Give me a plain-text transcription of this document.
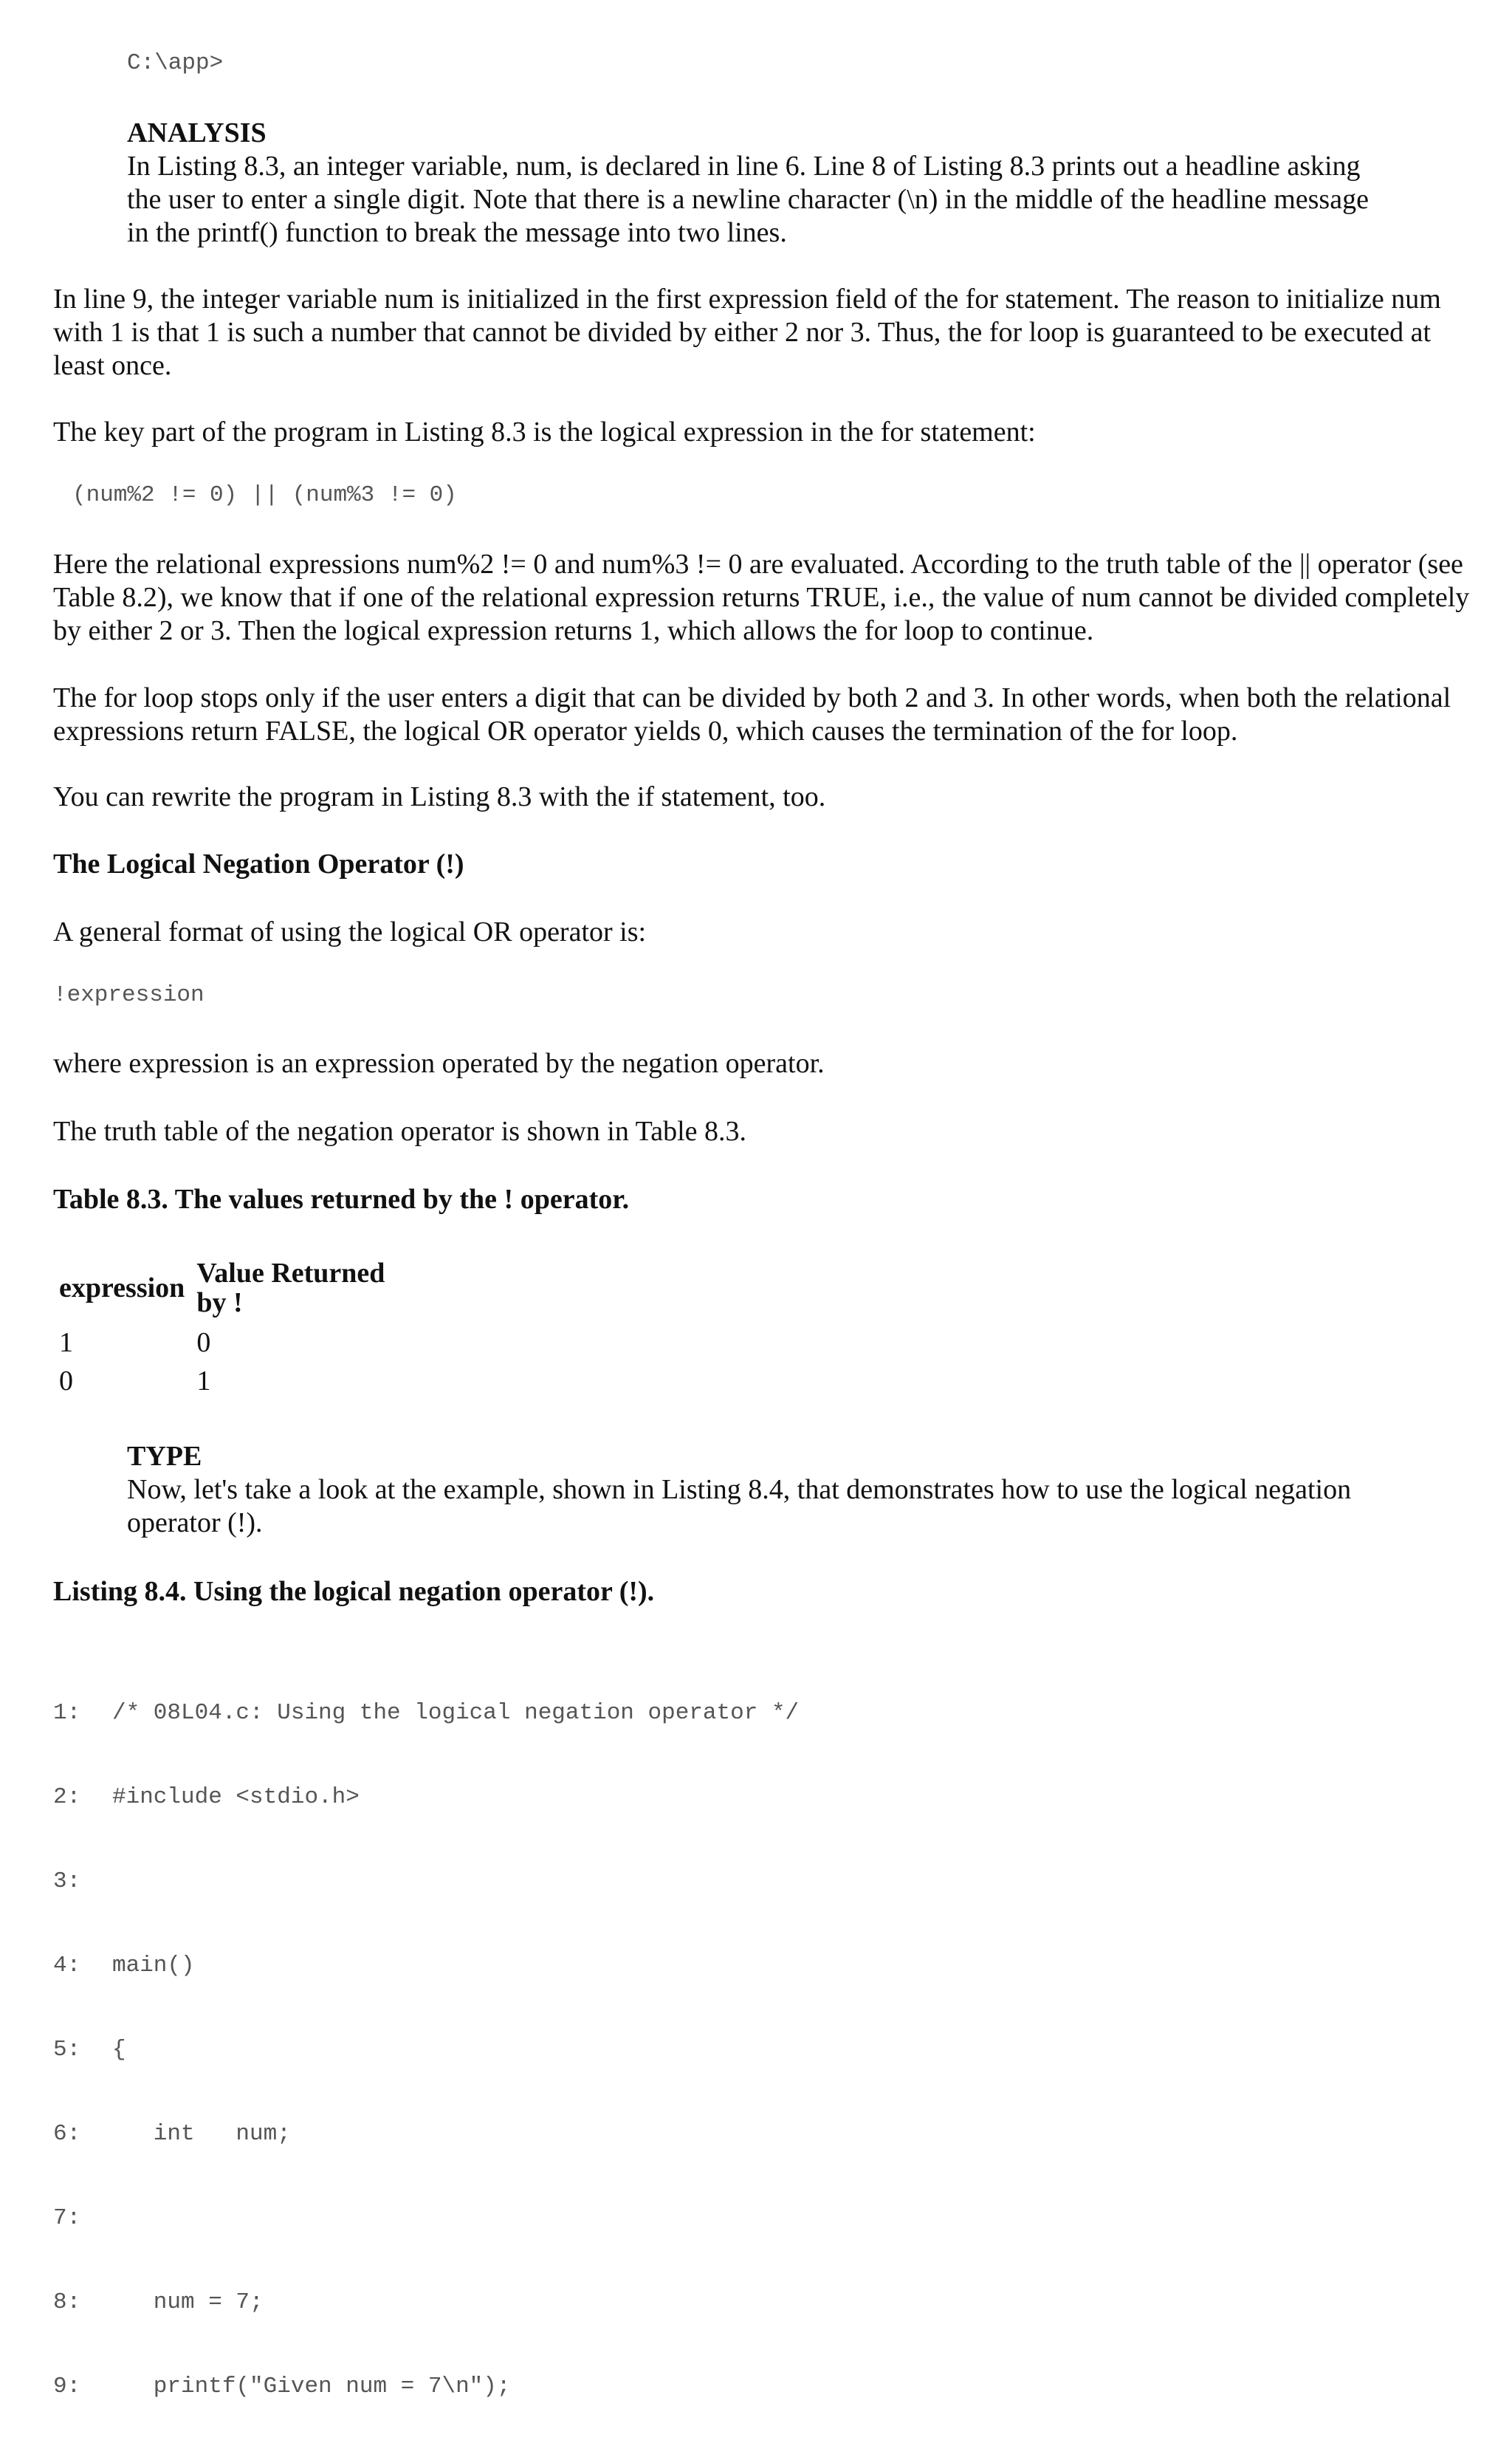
C:\app>
ANALYSIS
In Listing 8.3, an integer variable, num, is declared in line 6. Line 8 of Listing 8.3 prints out a headline asking the user to enter a single digit. Note that there is a newline character (\n) in the middle of the headline message in the printf() function to break the message into two lines.

In line 9, the integer variable num is initialized in the first expression field of the for statement. The reason to initialize num with 1 is that 1 is such a number that cannot be divided by either 2 nor 3. Thus, the for loop is guaranteed to be executed at least once.

The key part of the program in Listing 8.3 is the logical expression in the for statement:

(num%2 != 0) || (num%3 != 0)

Here the relational expressions num%2 != 0 and num%3 != 0 are evaluated. According to the truth table of the || operator (see Table 8.2), we know that if one of the relational expression returns TRUE, i.e., the value of num cannot be divided completely by either 2 or 3. Then the logical expression returns 1, which allows the for loop to continue.

The for loop stops only if the user enters a digit that can be divided by both 2 and 3. In other words, when both the relational expressions return FALSE, the logical OR operator yields 0, which causes the termination of the for loop.

You can rewrite the program in Listing 8.3 with the if statement, too.

The Logical Negation Operator (!)

A general format of using the logical OR operator is:

!expression

where expression is an expression operated by the negation operator.

The truth table of the negation operator is shown in Table 8.3.

Table 8.3. The values returned by the ! operator.

expression	Value Returned by !
1	0
0	1
TYPE
Now, let's take a look at the example, shown in Listing 8.4, that demonstrates how to use the logical negation operator (!).

Listing 8.4. Using the logical negation operator (!).

1:	/* 08L04.c: Using the logical negation operator */

2:	#include <stdio.h>

3:

4:	main()

5:	{

6:	int   num;

7:

8:	num = 7;

9:	printf("Given num = 7\n");
